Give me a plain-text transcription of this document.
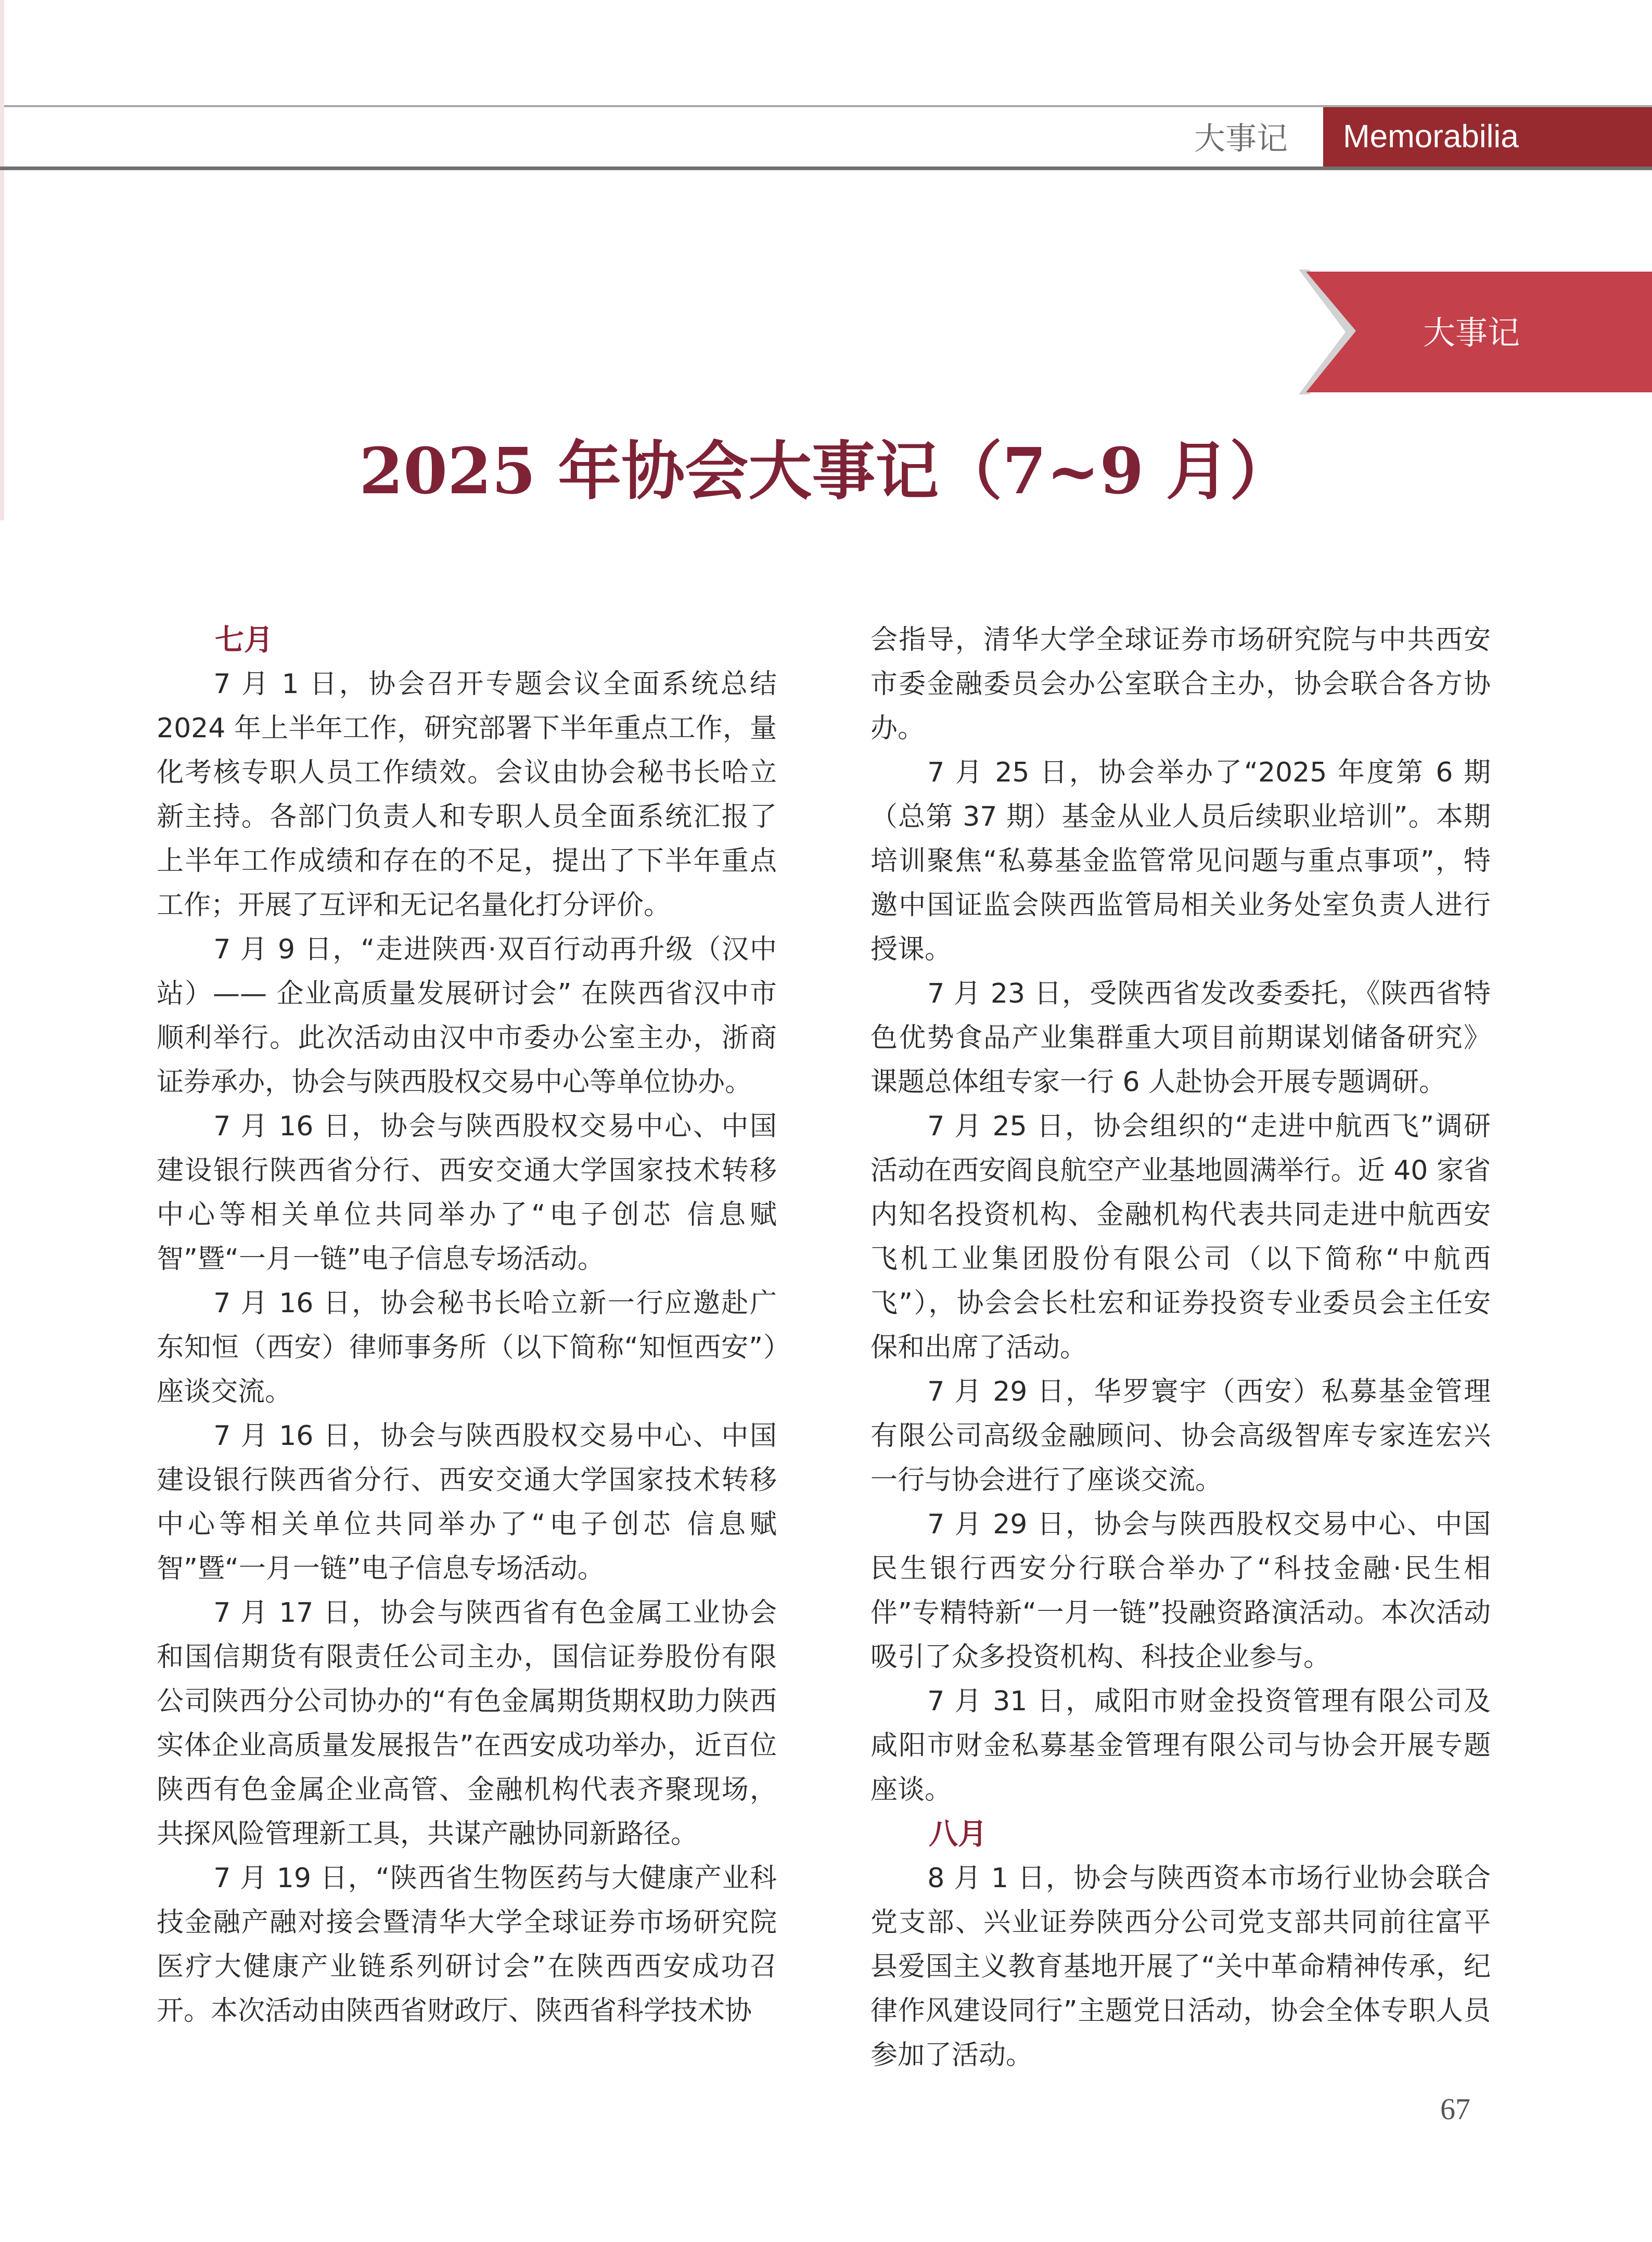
大事记	Memorabilia
大事记
2025 年协会大事记（7~9 月）
七月

7 月 1 日，协会召开专题会议全面系统总结 2024 年上半年工作，研究部署下半年重点工作，量化考核专职人员工作绩效。会议由协会秘书长哈立新主持。各部门负责人和专职人员全面系统汇报了上半年工作成绩和存在的不足，提出了下半年重点工作；开展了互评和无记名量化打分评价。

7 月 9 日，“走进陕西·双百行动再升级（汉中站）—— 企业高质量发展研讨会” 在陕西省汉中市顺利举行。此次活动由汉中市委办公室主办，浙商证券承办，协会与陕西股权交易中心等单位协办。

7 月 16 日，协会与陕西股权交易中心、中国建设银行陕西省分行、西安交通大学国家技术转移中心等相关单位共同举办了“电子创芯 信息赋智”暨“一月一链”电子信息专场活动。

7 月 16 日，协会秘书长哈立新一行应邀赴广东知恒（西安）律师事务所（以下简称“知恒西安”）座谈交流。

7 月 16 日，协会与陕西股权交易中心、中国建设银行陕西省分行、西安交通大学国家技术转移中心等相关单位共同举办了“电子创芯 信息赋智”暨“一月一链”电子信息专场活动。

7 月 17 日，协会与陕西省有色金属工业协会和国信期货有限责任公司主办，国信证券股份有限公司陕西分公司协办的“有色金属期货期权助力陕西实体企业高质量发展报告”在西安成功举办，近百位陕西有色金属企业高管、金融机构代表齐聚现场，共探风险管理新工具，共谋产融协同新路径。

7 月 19 日，“陕西省生物医药与大健康产业科技金融产融对接会暨清华大学全球证券市场研究院医疗大健康产业链系列研讨会”在陕西西安成功召开。本次活动由陕西省财政厅、陕西省科学技术协

会指导，清华大学全球证券市场研究院与中共西安市委金融委员会办公室联合主办，协会联合各方协办。

7 月 25 日，协会举办了“2025 年度第 6 期（总第 37 期）基金从业人员后续职业培训”。本期培训聚焦“私募基金监管常见问题与重点事项”，特邀中国证监会陕西监管局相关业务处室负责人进行授课。

7 月 23 日，受陕西省发改委委托，《陕西省特色优势食品产业集群重大项目前期谋划储备研究》课题总体组专家一行 6 人赴协会开展专题调研。

7 月 25 日，协会组织的“走进中航西飞”调研活动在西安阎良航空产业基地圆满举行。近 40 家省内知名投资机构、金融机构代表共同走进中航西安飞机工业集团股份有限公司（以下简称“中航西飞”），协会会长杜宏和证券投资专业委员会主任安保和出席了活动。

7 月 29 日，华罗寰宇（西安）私募基金管理有限公司高级金融顾问、协会高级智库专家连宏兴一行与协会进行了座谈交流。

7 月 29 日，协会与陕西股权交易中心、中国民生银行西安分行联合举办了“科技金融·民生相伴”专精特新“一月一链”投融资路演活动。本次活动吸引了众多投资机构、科技企业参与。

7 月 31 日，咸阳市财金投资管理有限公司及咸阳市财金私募基金管理有限公司与协会开展专题座谈。

八月

8 月 1 日，协会与陕西资本市场行业协会联合党支部、兴业证券陕西分公司党支部共同前往富平县爱国主义教育基地开展了“关中革命精神传承，纪律作风建设同行”主题党日活动，协会全体专职人员参加了活动。

67
